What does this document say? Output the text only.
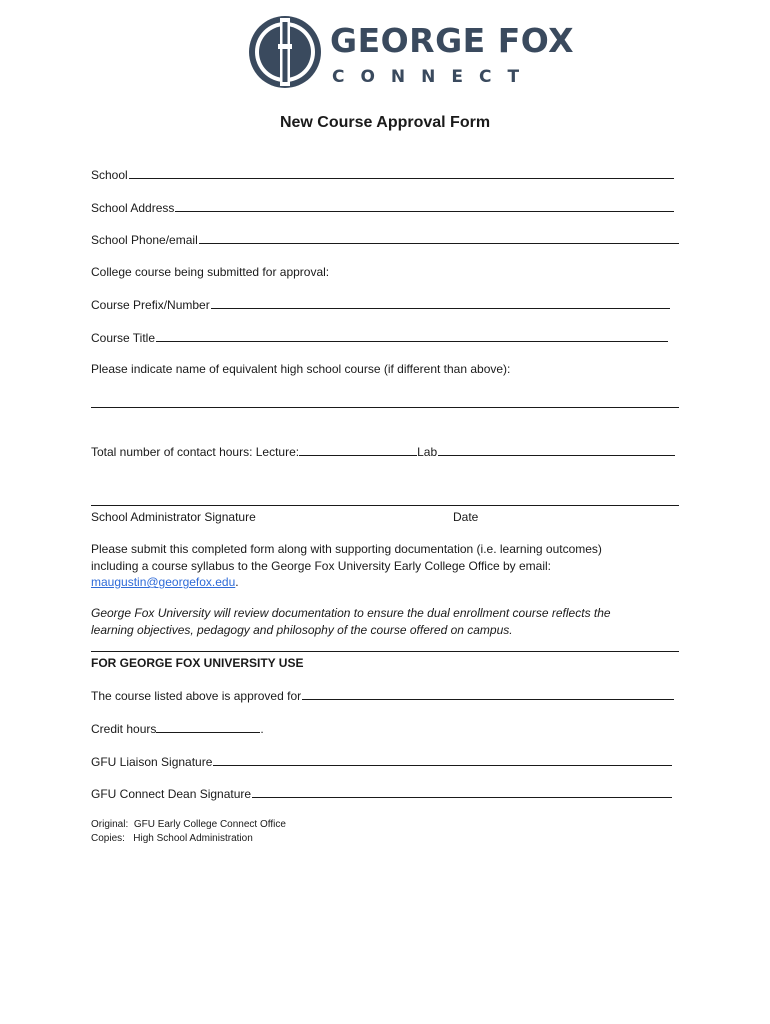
GEORGE FOX
CONNECT
New Course Approval Form
School
School Address
School Phone/email
College course being submitted for approval:
Course Prefix/Number
Course Title
Please indicate name of equivalent high school course (if different than above):
Total number of contact hours: Lecture:	Lab
School Administrator Signature	Date
Please submit this completed form along with supporting documentation (i.e. learning outcomes)
including a course syllabus to the George Fox University Early College Office by email:
maugustin@georgefox.edu.
George Fox University will review documentation to ensure the dual enrollment course reflects the
learning objectives, pedagogy and philosophy of the course offered on campus.
FOR GEORGE FOX UNIVERSITY USE
The course listed above is approved for
Credit hours	.
GFU Liaison Signature
GFU Connect Dean Signature
Original: GFU Early College Connect Office
Copies: High School Administration
